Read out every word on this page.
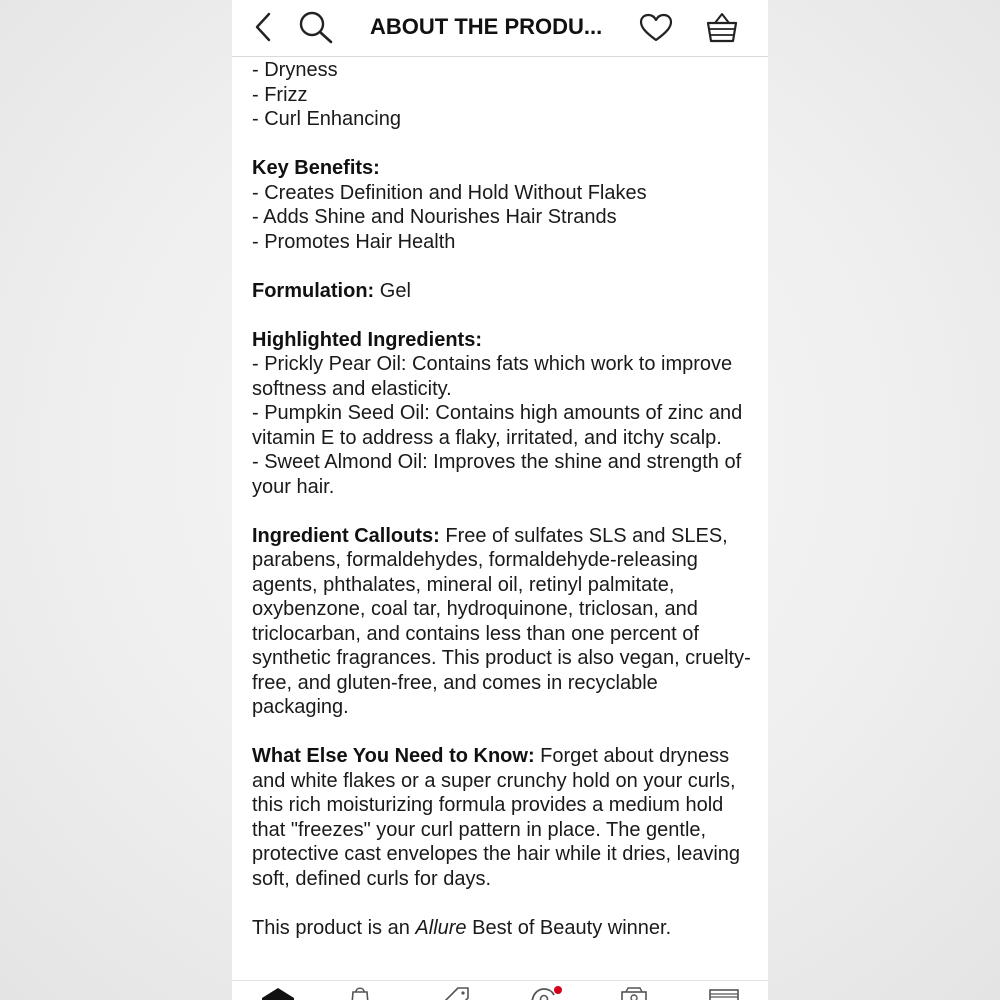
ABOUT THE PRODU...

- Dryness

- Frizz

- Curl Enhancing

Key Benefits:

- Creates Definition and Hold Without Flakes

- Adds Shine and Nourishes Hair Strands

- Promotes Hair Health

Formulation: Gel

Highlighted Ingredients:

- Prickly Pear Oil: Contains fats which work to improve softness and elasticity.

- Pumpkin Seed Oil: Contains high amounts of zinc and vitamin E to address a flaky, irritated, and itchy scalp.

- Sweet Almond Oil: Improves the shine and strength of your hair.

Ingredient Callouts: Free of sulfates SLS and SLES, parabens, formaldehydes, formaldehyde-releasing agents, phthalates, mineral oil, retinyl palmitate, oxybenzone, coal tar, hydroquinone, triclosan, and triclocarban, and contains less than one percent of synthetic fragrances. This product is also vegan, cruelty-free, and gluten-free, and comes in recyclable packaging.
What Else You Need to Know: Forget about dryness and white flakes or a super crunchy hold on your curls, this rich moisturizing formula provides a medium hold that "freezes" your curl pattern in place. The gentle, protective cast envelopes the hair while it dries, leaving soft, defined curls for days.
This product is an Allure Best of Beauty winner.
